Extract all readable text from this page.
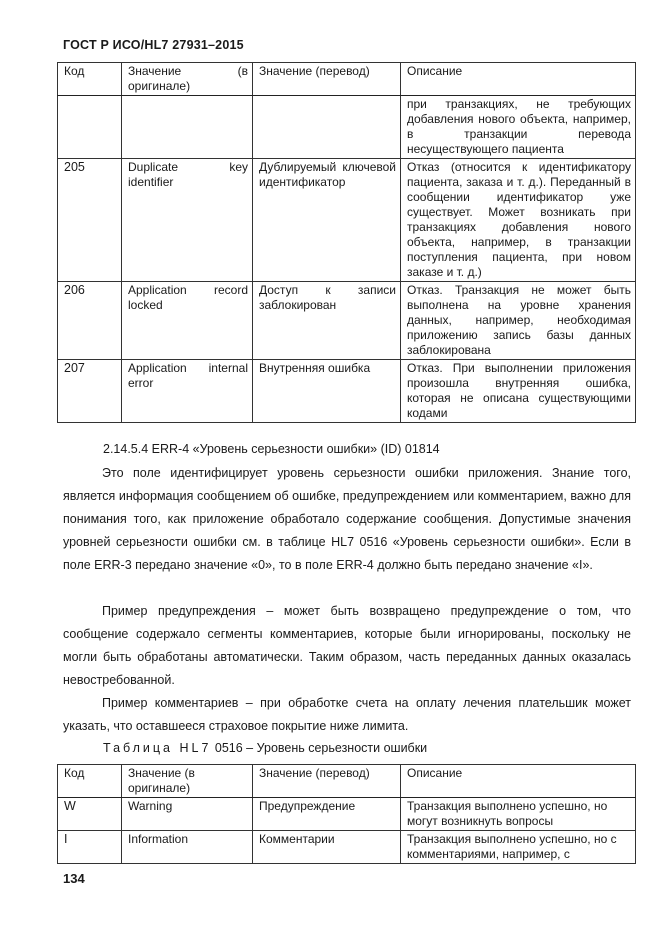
ГОСТ Р ИСО/HL7 27931–2015
Код	Значение (в оригинале)	Значение (перевод)	Описание
			при транзакциях, не требующих добавления нового объекта, например, в транзакции перевода несуществующего пациента
205	Duplicate key identifier	Дублируемый ключевой идентификатор	Отказ (относится к идентификатору пациента, заказа и т. д.). Переданный в сообщении идентификатор уже существует. Может возникать при транзакциях добавления нового объекта, например, в транзакции поступления пациента, при новом заказе и т. д.)
206	Application record locked	Доступ к записи заблокирован	Отказ. Транзакция не может быть выполнена на уровне хранения данных, например, необходимая приложению запись базы данных заблокирована
207	Application internal error	Внутренняя ошибка	Отказ. При выполнении приложения произошла внутренняя ошибка, которая не описана существующими кодами
2.14.5.4 ERR-4 «Уровень серьезности ошибки» (ID) 01814

Это поле идентифицирует уровень серьезности ошибки приложения. Знание того, является информация сообщением об ошибке, предупреждением или комментарием, важно для понимания того, как приложение обработало содержание сообщения. Допустимые значения уровней серьезности ошибки см. в таблице HL7 0516 «Уровень серьезности ошибки». Если в поле ERR-3 передано значение «0», то в поле ERR-4 должно быть передано значение «I».

Пример предупреждения – может быть возвращено предупреждение о том, что сообщение содержало сегменты комментариев, которые были игнорированы, поскольку не могли быть обработаны автоматически. Таким образом, часть переданных данных оказалась невостребованной.

Пример комментариев – при обработке счета на оплату лечения плательшик может указать, что оставшееся страховое покрытие ниже лимита.

Таблица HL7 0516 – Уровень серьезности ошибки
Код	Значение (в оригинале)	Значение (перевод)	Описание
W	Warning	Предупреждение	Транзакция выполнено успешно, но могут возникнуть вопросы
I	Information	Комментарии	Транзакция выполнено успешно, но с комментариями, например, с
134
